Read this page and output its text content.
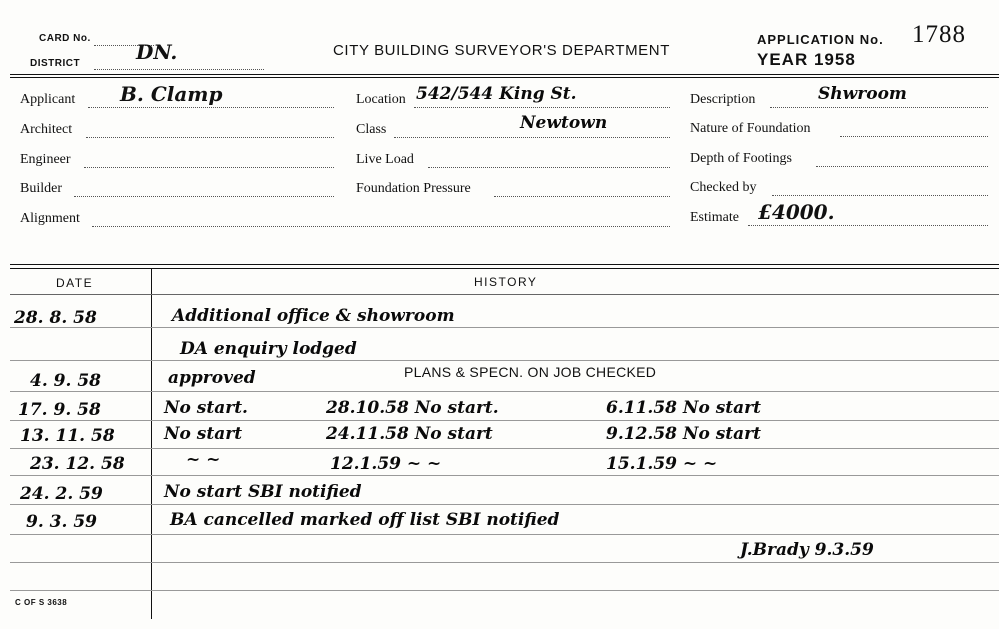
CARD No.
DISTRICT	DN.	CITY BUILDING SURVEYOR'S DEPARTMENT
APPLICATION No. 1788
YEAR 1958
Applicant B. Clamp
Architect
Engineer
Builder
Alignment
Location 542/544 King St.
Class	Newtown
Live Load
Foundation Pressure
Description	Shwroom
Nature of Foundation
Depth of Footings
Checked by
Estimate £4000.
DATE	HISTORY
28. 8. 58	Additional office & showroom
DA enquiry lodged
4. 9. 58	approved	PLANS & SPECN. ON JOB CHECKED
17. 9. 58	No start.	28.10.58 No start.	6.11.58 No start
13. 11. 58	No start	24.11.58 No start	9.12.58 No start
23. 12. 58	~ ~	12.1.59 ~ ~	15.1.59 ~ ~
24. 2. 59	No start SBI notified
9. 3. 59	BA cancelled marked off list SBI notified
J.Brady 9.3.59
C OF S 3638
